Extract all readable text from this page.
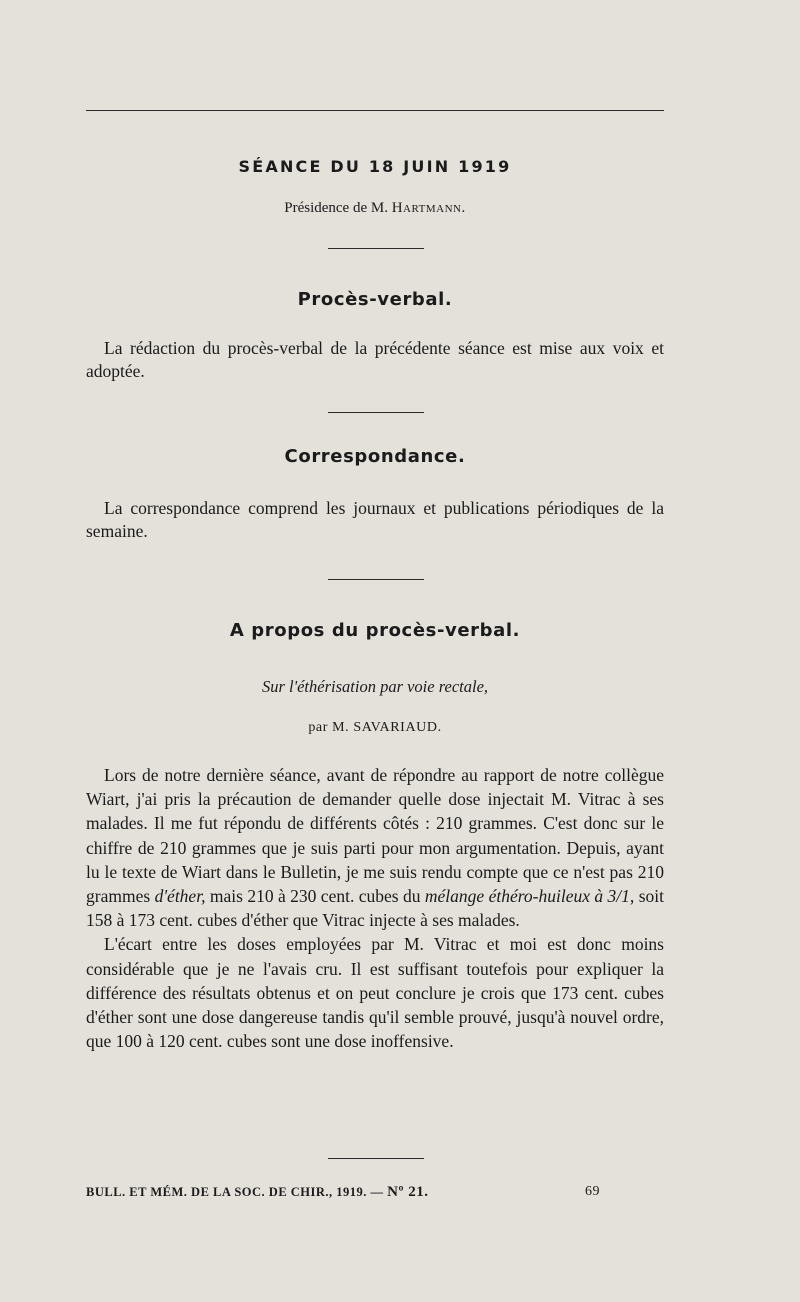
SÉANCE DU 18 JUIN 1919
Présidence de M. Hartmann.
Procès-verbal.
La rédaction du procès-verbal de la précédente séance est mise aux voix et adoptée.
Correspondance.
La correspondance comprend les journaux et publications périodiques de la semaine.
A propos du procès-verbal.
Sur l'éthérisation par voie rectale,
par M. SAVARIAUD.

Lors de notre dernière séance, avant de répondre au rapport de notre collègue Wiart, j'ai pris la précaution de demander quelle dose injectait M. Vitrac à ses malades. Il me fut répondu de différents côtés : 210 grammes. C'est donc sur le chiffre de 210 grammes que je suis parti pour mon argumentation. Depuis, ayant lu le texte de Wiart dans le Bulletin, je me suis rendu compte que ce n'est pas 210 grammes d'éther, mais 210 à 230 cent. cubes du mélange éthéro-huileux à 3/1, soit 158 à 173 cent. cubes d'éther que Vitrac injecte à ses malades.

L'écart entre les doses employées par M. Vitrac et moi est donc moins considérable que je ne l'avais cru. Il est suffisant toutefois pour expliquer la différence des résultats obtenus et on peut conclure je crois que 173 cent. cubes d'éther sont une dose dangereuse tandis qu'il semble prouvé, jusqu'à nouvel ordre, que 100 à 120 cent. cubes sont une dose inoffensive.

BULL. ET MÉM. DE LA SOC. DE CHIR., 1919. — Nº 21.	69
